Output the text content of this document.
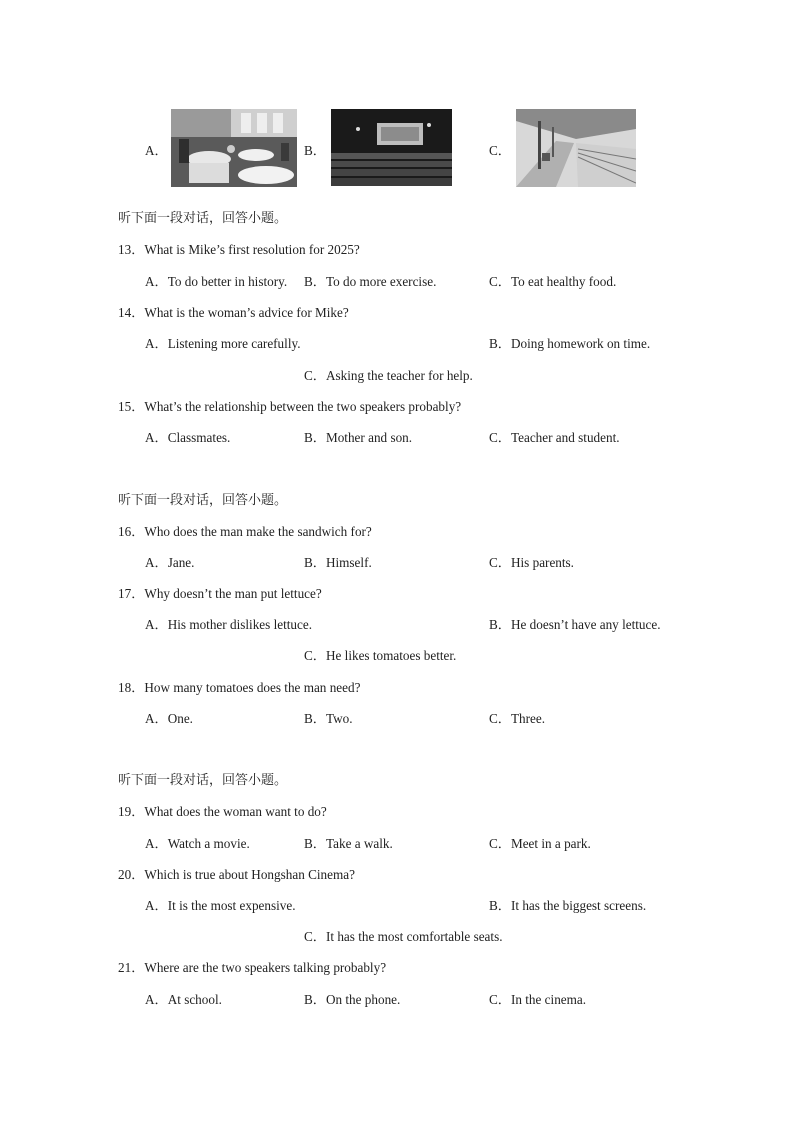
A．	B．	C．
听下面一段对话，回答小题。
13．What is Mike’s first resolution for 2025?
A．To do better in history. B．To do more exercise.	C．To eat healthy food.
14．What is the woman’s advice for Mike?
A．Listening more carefully.	B．Doing homework on time.
C．Asking the teacher for help.
15．What’s the relationship between the two speakers probably?
A．Classmates.	B．Mother and son.	C．Teacher and student.
听下面一段对话，回答小题。
16．Who does the man make the sandwich for?
A．Jane.	B．Himself.	C．His parents.
17．Why doesn’t the man put lettuce?
A．His mother dislikes lettuce.	B．He doesn’t have any lettuce.
C．He likes tomatoes better.
18．How many tomatoes does the man need?
A．One.	B．Two.	C．Three.
听下面一段对话，回答小题。
19．What does the woman want to do?
A．Watch a movie.	B．Take a walk.	C．Meet in a park.
20．Which is true about Hongshan Cinema?
A．It is the most expensive.	B．It has the biggest screens.
C．It has the most comfortable seats.
21．Where are the two speakers talking probably?
A．At school.	B．On the phone.	C．In the cinema.
